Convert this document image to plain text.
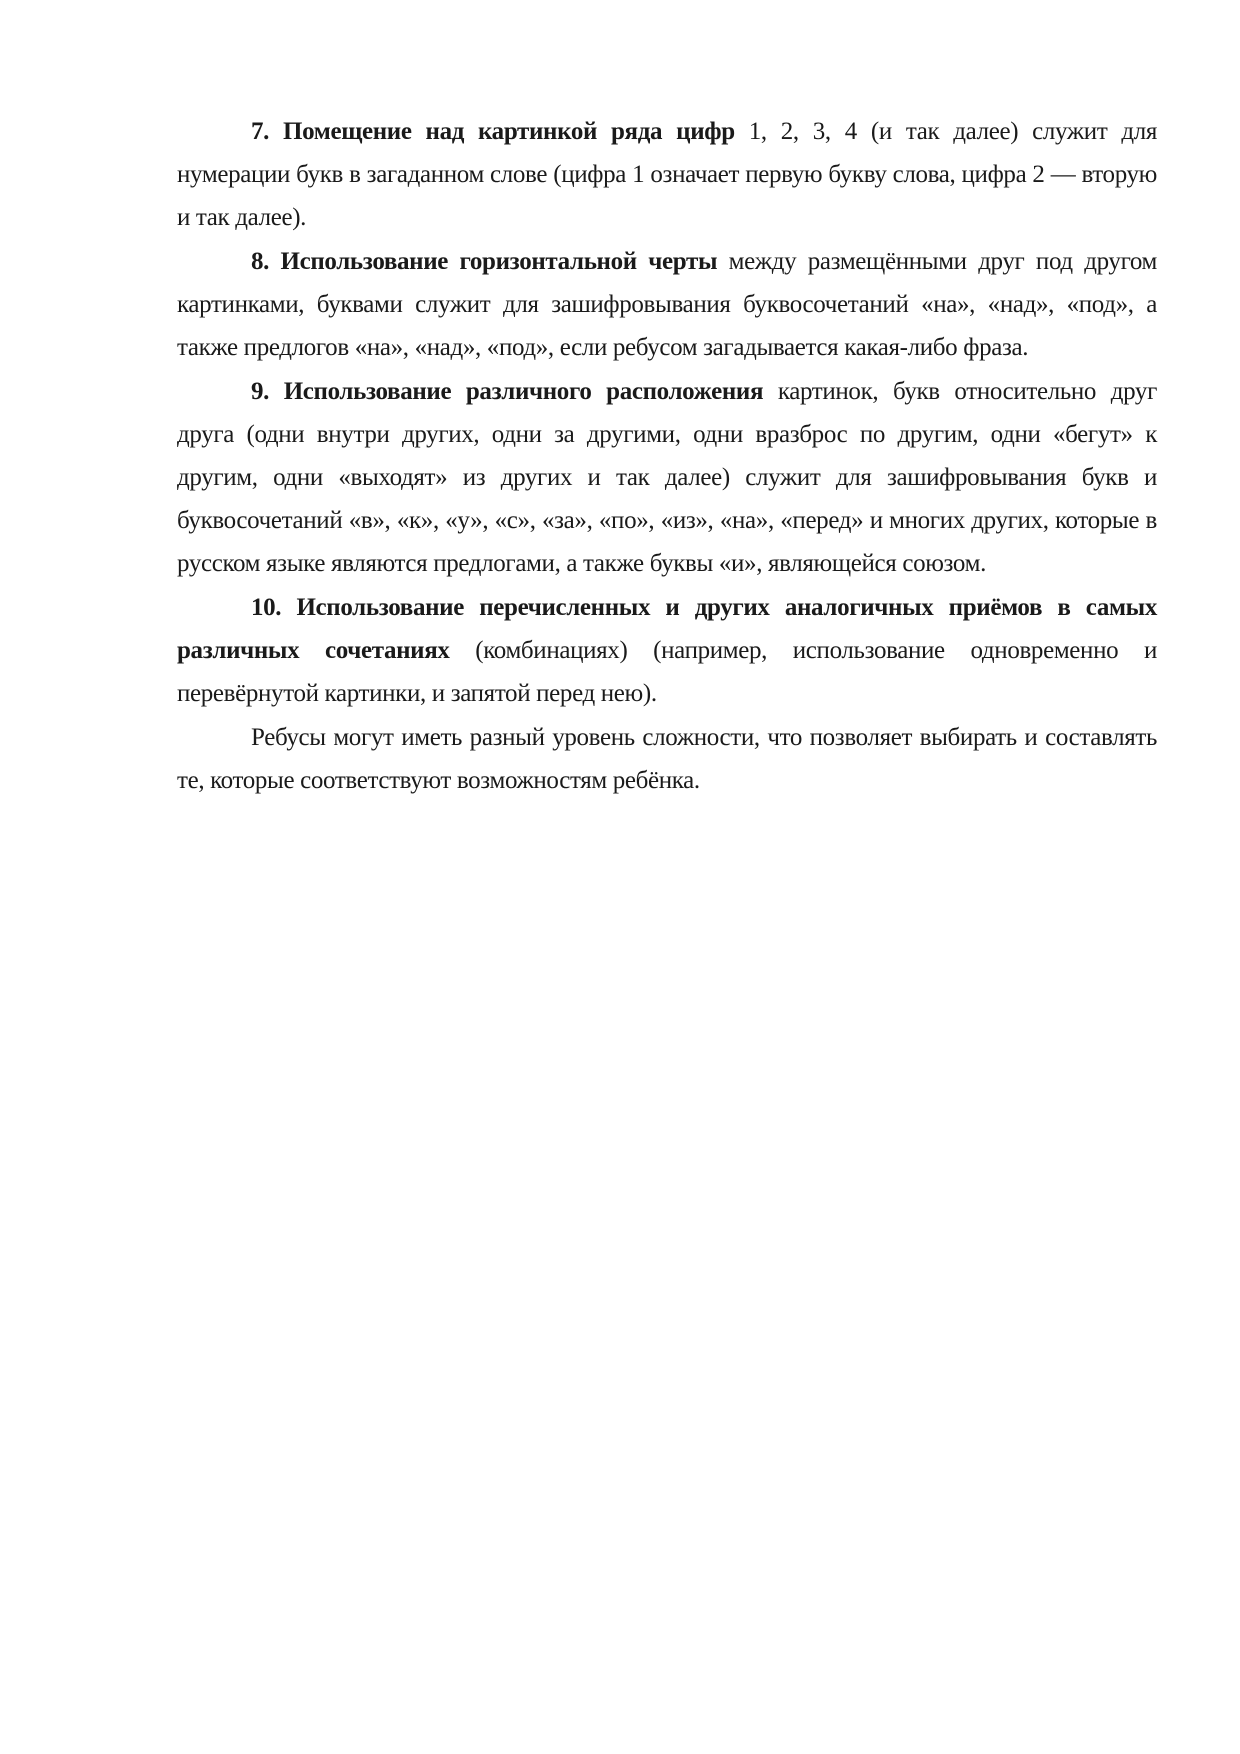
7. Помещение над картинкой ряда цифр 1, 2, 3, 4 (и так далее) служит для нумерации букв в загаданном слове (цифра 1 означает первую букву слова, цифра 2 — вторую и так далее).

8. Использование горизонтальной черты между размещёнными друг под другом картинками, буквами служит для зашифровывания буквосочетаний «на», «над», «под», а также предлогов «на», «над», «под», если ребусом загадывается какая-либо фраза.

9. Использование различного расположения картинок, букв относительно друг друга (одни внутри других, одни за другими, одни вразброс по другим, одни «бегут» к другим, одни «выходят» из других и так далее) служит для зашифровывания букв и буквосочетаний «в», «к», «у», «с», «за», «по», «из», «на», «перед» и многих других, которые в русском языке являются предлогами, а также буквы «и», являющейся союзом.

10. Использование перечисленных и других аналогичных приёмов в самых различных сочетаниях (комбинациях) (например, использование одновременно и перевёрнутой картинки, и запятой перед нею).

Ребусы могут иметь разный уровень сложности, что позволяет выбирать и составлять те, которые соответствуют возможностям ребёнка.
